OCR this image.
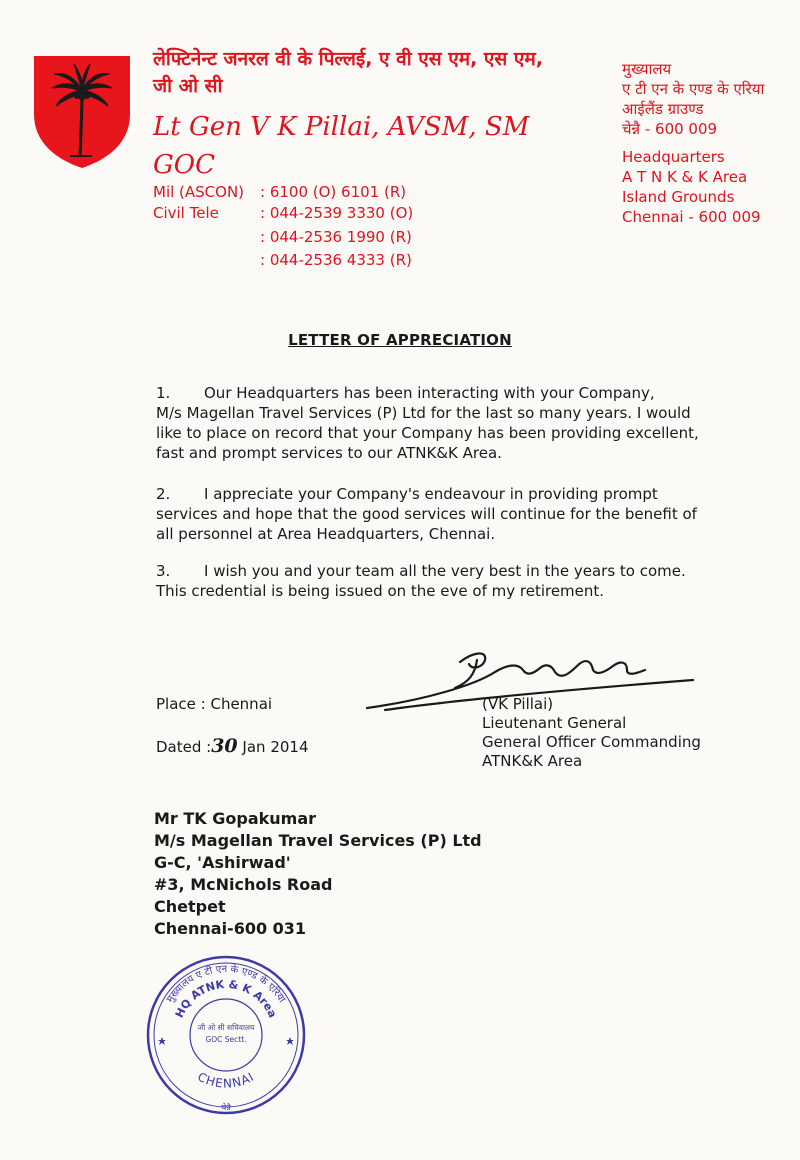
लेफ्टिनेन्ट जनरल वी के पिल्लई, ए वी एस एम, एस एम,
जी ओ सी
Lt Gen V K Pillai, AVSM, SM
GOC
Mil (ASCON) : 6100 (O) 6101 (R)
Civil Tele	: 044-2539 3330 (O)
: 044-2536 1990 (R)
: 044-2536 4333 (R)
मुख्यालय
ए टी एन के एण्ड के एरिया
आईलैंड ग्राउण्ड
चेन्नै - 600 009
Headquarters
A T N K & K Area
Island Grounds
Chennai - 600 009
LETTER OF APPRECIATION
1. Our Headquarters has been interacting with your Company,
M/s Magellan Travel Services (P) Ltd for the last so many years. I would
like to place on record that your Company has been providing excellent,
fast and prompt services to our ATNK&K Area.
2. I appreciate your Company's endeavour in providing prompt
services and hope that the good services will continue for the benefit of
all personnel at Area Headquarters, Chennai.
3. I wish you and your team all the very best in the years to come.
This credential is being issued on the eve of my retirement.
Place : Chennai
Dated :30 Jan 2014
(VK Pillai)
Lieutenant General
General Officer Commanding
ATNK&K Area
Mr TK Gopakumar
M/s Magellan Travel Services (P) Ltd
G-C, 'Ashirwad'
#3, McNichols Road
Chetpet
Chennai-600 031
मुख्यालय ए टी एन के एण्ड के एरिया
HQ ATNK & K Area
CHENNAI
जी ओ सी सचिवालय
GOC Sectt.
चेन्नै
